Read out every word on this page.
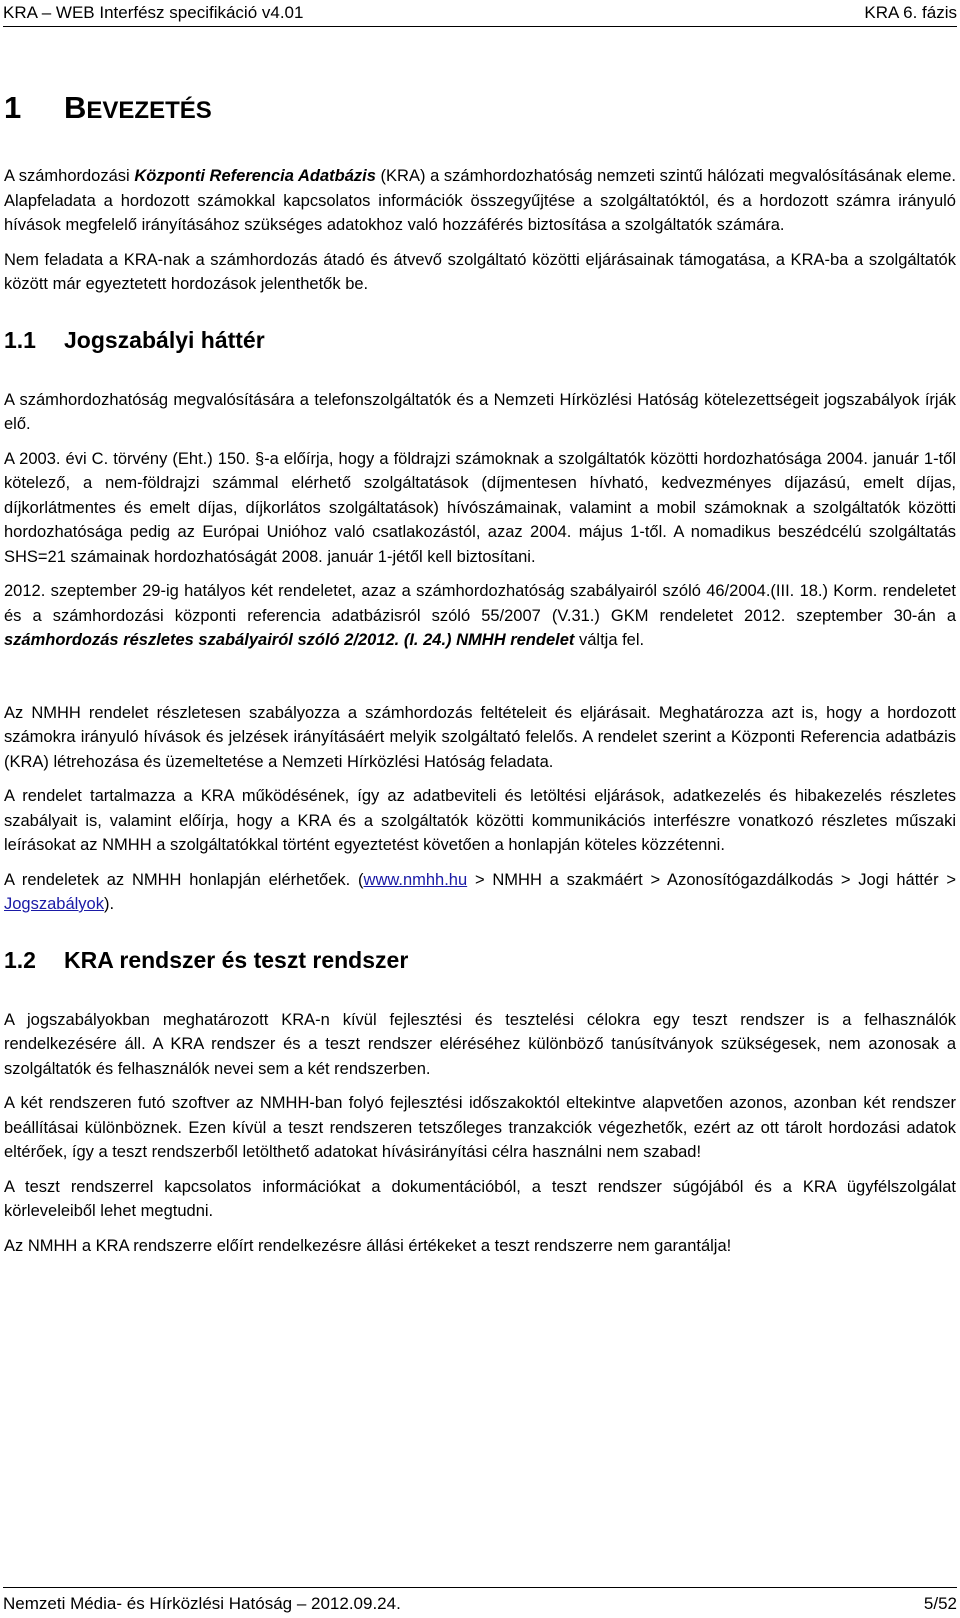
KRA – WEB Interfész specifikáció v4.01	KRA 6. fázis
1 BEVEZETÉS

A számhordozási Központi Referencia Adatbázis (KRA) a számhordozhatóság nemzeti szintű hálózati megvalósításának eleme. Alapfeladata a hordozott számokkal kapcsolatos információk összegyűjtése a szolgáltatóktól, és a hordozott számra irányuló hívások megfelelő irányításához szükséges adatokhoz való hozzáférés biztosítása a szolgáltatók számára.

Nem feladata a KRA-nak a számhordozás átadó és átvevő szolgáltató közötti eljárásainak támogatása, a KRA-ba a szolgáltatók között már egyeztetett hordozások jelenthetők be.

1.1 Jogszabályi háttér

A számhordozhatóság megvalósítására a telefonszolgáltatók és a Nemzeti Hírközlési Hatóság kötelezettségeit jogszabályok írják elő.

A 2003. évi C. törvény (Eht.) 150. §-a előírja, hogy a földrajzi számoknak a szolgáltatók közötti hordozhatósága 2004. január 1-től kötelező, a nem-földrajzi számmal elérhető szolgáltatások (díjmentesen hívható, kedvezményes díjazású, emelt díjas, díjkorlátmentes és emelt díjas, díjkorlátos szolgáltatások) hívószámainak, valamint a mobil számoknak a szolgáltatók közötti hordozhatósága pedig az Európai Unióhoz való csatlakozástól, azaz 2004. május 1-től. A nomadikus beszédcélú szolgáltatás SHS=21 számainak hordozhatóságát 2008. január 1-jétől kell biztosítani.

2012. szeptember 29-ig hatályos két rendeletet, azaz a számhordozhatóság szabályairól szóló 46/2004.(III. 18.) Korm. rendeletet és a számhordozási központi referencia adatbázisról szóló 55/2007 (V.31.) GKM rendeletet 2012. szeptember 30-án a számhordozás részletes szabályairól szóló 2/2012. (I. 24.) NMHH rendelet váltja fel.

Az NMHH rendelet részletesen szabályozza a számhordozás feltételeit és eljárásait. Meghatározza azt is, hogy a hordozott számokra irányuló hívások és jelzések irányításáért melyik szolgáltató felelős. A rendelet szerint a Központi Referencia adatbázis (KRA) létrehozása és üzemeltetése a Nemzeti Hírközlési Hatóság feladata.

A rendelet tartalmazza a KRA működésének, így az adatbeviteli és letöltési eljárások, adatkezelés és hibakezelés részletes szabályait is, valamint előírja, hogy a KRA és a szolgáltatók közötti kommunikációs interfészre vonatkozó részletes műszaki leírásokat az NMHH a szolgáltatókkal történt egyeztetést követően a honlapján köteles közzétenni.

A rendeletek az NMHH honlapján elérhetőek. (www.nmhh.hu > NMHH a szakmáért > Azonosítógazdálkodás > Jogi háttér > Jogszabályok).

1.2 KRA rendszer és teszt rendszer

A jogszabályokban meghatározott KRA-n kívül fejlesztési és tesztelési célokra egy teszt rendszer is a felhasználók rendelkezésére áll. A KRA rendszer és a teszt rendszer eléréséhez különböző tanúsítványok szükségesek, nem azonosak a szolgáltatók és felhasználók nevei sem a két rendszerben.

A két rendszeren futó szoftver az NMHH-ban folyó fejlesztési időszakoktól eltekintve alapvetően azonos, azonban két rendszer beállításai különböznek. Ezen kívül a teszt rendszeren tetszőleges tranzakciók végezhetők, ezért az ott tárolt hordozási adatok eltérőek, így a teszt rendszerből letölthető adatokat hívásirányítási célra használni nem szabad!

A teszt rendszerrel kapcsolatos információkat a dokumentációból, a teszt rendszer súgójából és a KRA ügyfélszolgálat körleveleiből lehet megtudni.

Az NMHH a KRA rendszerre előírt rendelkezésre állási értékeket a teszt rendszerre nem garantálja!

Nemzeti Média- és Hírközlési Hatóság – 2012.09.24.	5/52
